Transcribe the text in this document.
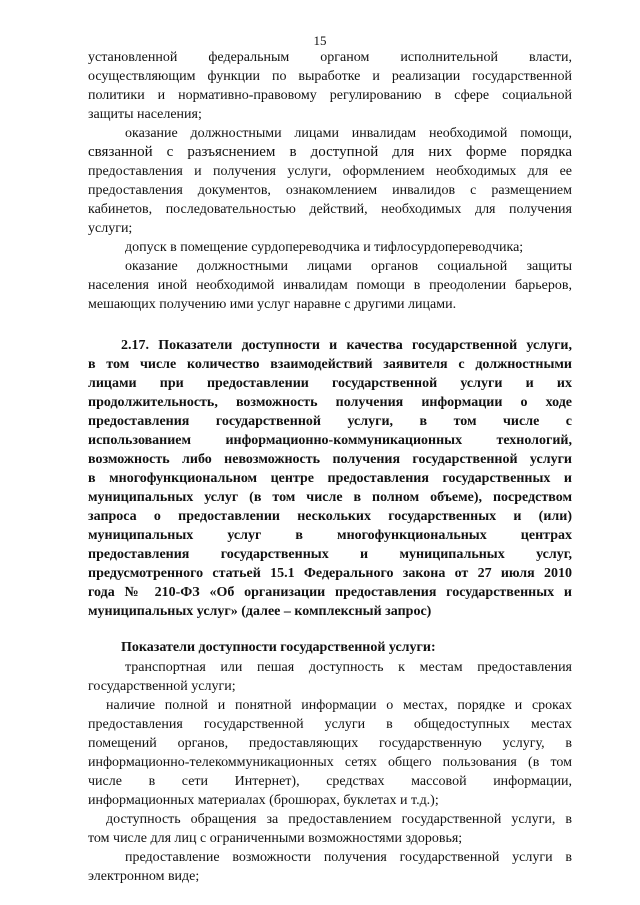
15
установленной федеральным органом исполнительной власти,
осуществляющим функции по выработке и реализации государственной
политики и нормативно-правовому регулированию в сфере социальной
защиты населения;
оказание должностными лицами инвалидам необходимой помощи,
связанной с разъяснением в доступной для них форме порядка
предоставления и получения услуги, оформлением необходимых для ее
предоставления документов, ознакомлением инвалидов с размещением
кабинетов, последовательностью действий, необходимых для получения
услуги;
допуск в помещение сурдопереводчика и тифлосурдопереводчика;
оказание должностными лицами органов социальной защиты
населения иной необходимой инвалидам помощи в преодолении барьеров,
мешающих получению ими услуг наравне с другими лицами.
2.17. Показатели доступности и качества государственной услуги,
в том числе количество взаимодействий заявителя с должностными
лицами при предоставлении государственной услуги и их
продолжительность, возможность получения информации о ходе
предоставления государственной услуги, в том числе с
использованием информационно-коммуникационных технологий,
возможность либо невозможность получения государственной услуги
в многофункциональном центре предоставления государственных и
муниципальных услуг (в том числе в полном объеме), посредством
запроса о предоставлении нескольких государственных и (или)
муниципальных услуг в многофункциональных центрах
предоставления государственных и муниципальных услуг,
предусмотренного статьей 15.1 Федерального закона от 27 июля 2010
года № 210-ФЗ «Об организации предоставления государственных и
муниципальных услуг» (далее – комплексный запрос)
Показатели доступности государственной услуги:
транспортная или пешая доступность к местам предоставления
государственной услуги;
наличие полной и понятной информации о местах, порядке и сроках
предоставления государственной услуги в общедоступных местах
помещений органов, предоставляющих государственную услугу, в
информационно-телекоммуникационных сетях общего пользования (в том
числе в сети Интернет), средствах массовой информации,
информационных материалах (брошюрах, буклетах и т.д.);
доступность обращения за предоставлением государственной услуги, в
том числе для лиц с ограниченными возможностями здоровья;
предоставление возможности получения государственной услуги в
электронном виде;
